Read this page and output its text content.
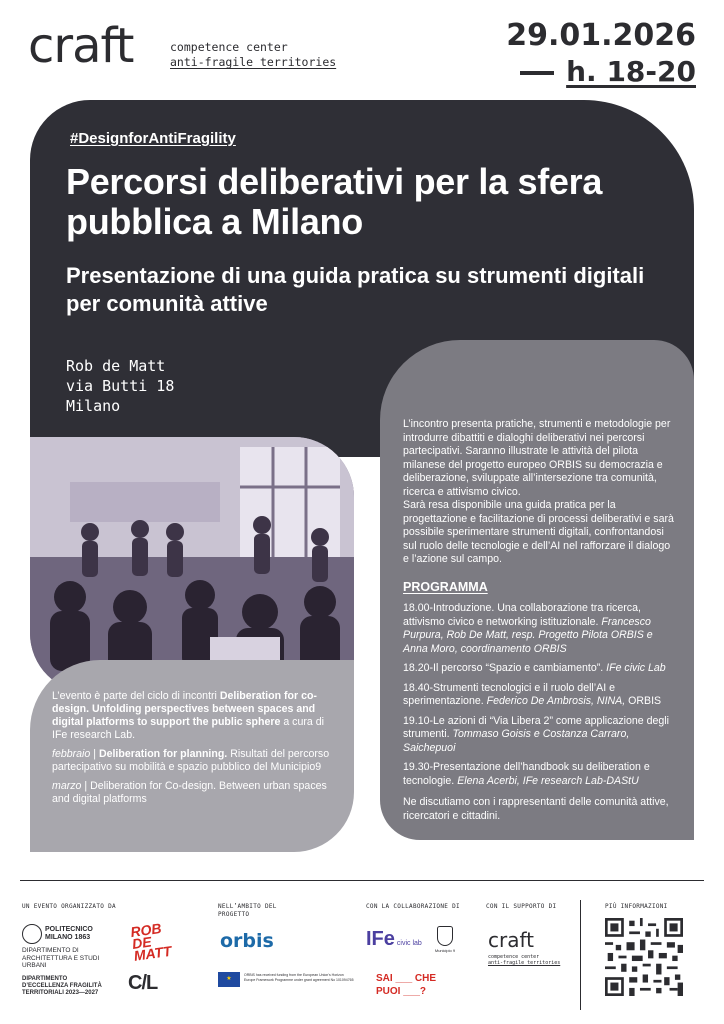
craft	competence center
anti-fragile territories
29.01.2026
h. 18-20
#DesignforAntiFragility
Percorsi deliberativi per la sfera pubblica a Milano
Presentazione di una guida pratica su strumenti digitali per comunità attive
Rob de Matt
via Butti 18
Milano

L’incontro presenta pratiche, strumenti e metodologie per introdurre dibattiti e dialoghi deliberativi nei percorsi partecipativi. Saranno illustrate le attività del pilota milanese del progetto europeo ORBIS su democrazia e deliberazione, sviluppate all’intersezione tra comunità, ricerca e attivismo civico.

Sarà resa disponibile una guida pratica per la progettazione e facilitazione di processi deliberativi e sarà possibile sperimentare strumenti digitali, confrontandosi sul ruolo delle tecnologie e dell’AI nel rafforzare il dialogo e l’azione sul campo.

PROGRAMMA
18.00-Introduzione. Una collaborazione tra ricerca, attivismo civico e networking istituzionale. Francesco Purpura, Rob De Matt, resp. Progetto Pilota ORBIS e Anna Moro, coordinamento ORBIS
18.20-Il percorso “Spazio e cambiamento”. IFe civic Lab
18.40-Strumenti tecnologici e il ruolo dell’AI e sperimentazione. Federico De Ambrosis, NINA, ORBIS
19.10-Le azioni di “Via Libera 2” come applicazione degli strumenti. Tommaso Goisis e Costanza Carraro, Saichepuoi
19.30-Presentazione dell’handbook su deliberation e tecnologie. Elena Acerbi, IFe research Lab-DAStU
Ne discutiamo con i rappresentanti delle comunità attive, ricercatori e cittadini.
L’evento è parte del ciclo di incontri Deliberation for co-design. Unfolding perspectives between spaces and digital platforms to support the public sphere a cura di IFe research Lab.
febbraio | Deliberation for planning. Risultati del percorso partecipativo su mobilità e spazio pubblico del Municipio9
marzo | Deliberation for Co-design. Between urban spaces and digital platforms
UN EVENTO ORGANIZZATO DA	NELL’AMBITO DEL PROGETTO
CON LA COLLABORAZIONE DI	CON IL SUPPORTO DI	PIÙ INFORMAZIONI
POLITECNICO MILANO 1863
DIPARTIMENTO DI ARCHITETTURA E STUDI URBANI
DIPARTIMENTO D’ECCELLENZA FRAGILITÀ TERRITORIALI 2023—2027
ROB DE MATT
C/L
orbis
★
ORBIS has received funding from the European Union’s Horizon Europe Framework Programme under grant agreement No 101094765
IFe civic lab
Municipio 9
SAI ___ CHE
PUOI ___?
craft
competence center
anti-fragile territories
